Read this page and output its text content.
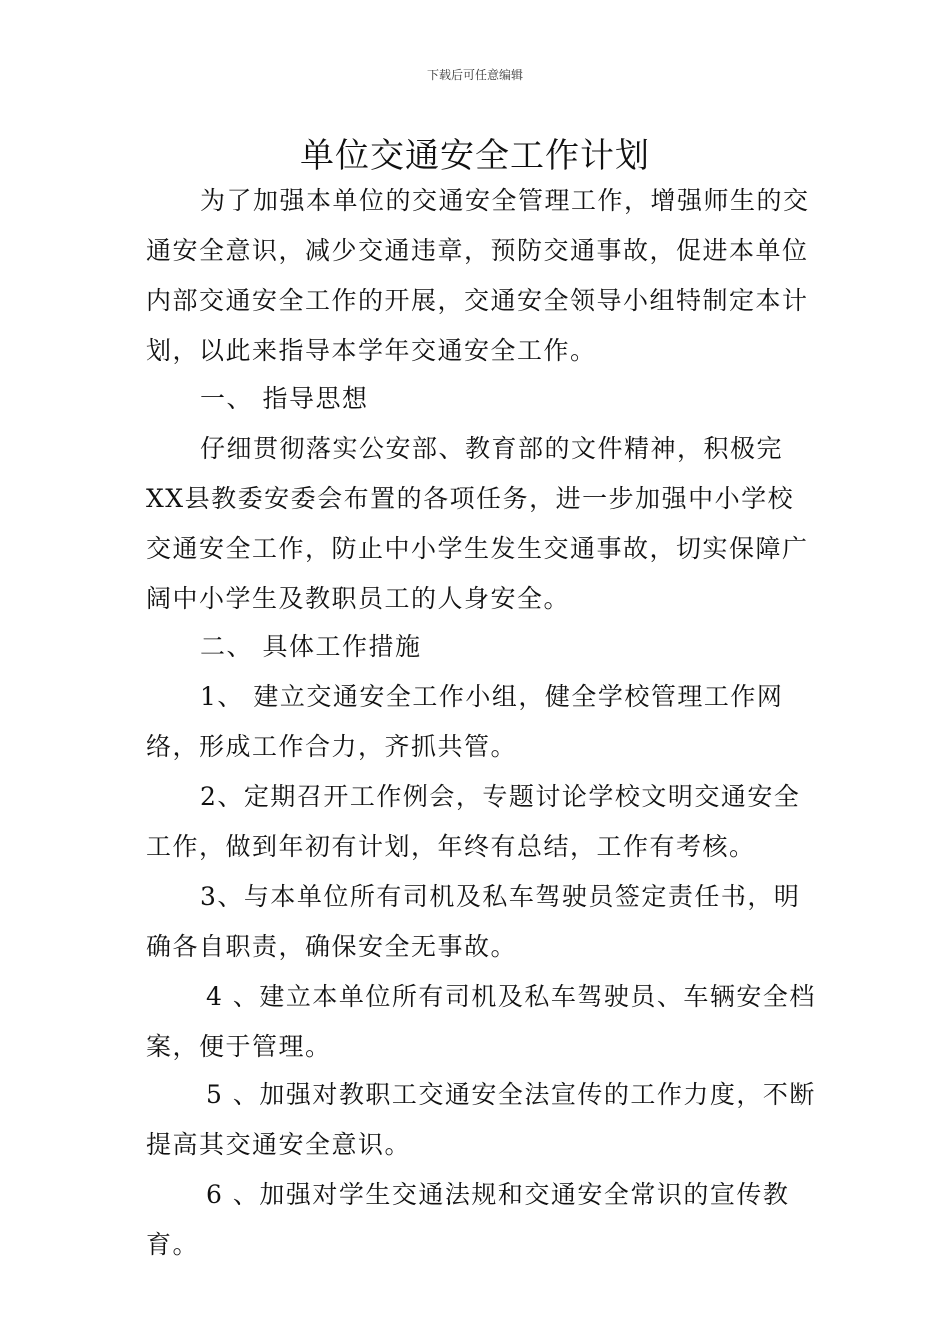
下载后可任意编辑
单位交通安全工作计划

为了加强本单位的交通安全管理工作，增强师生的交通安全意识，减少交通违章，预防交通事故，促进本单位内部交通安全工作的开展，交通安全领导小组特制定本计划，以此来指导本学年交通安全工作。

一、 指导思想

仔细贯彻落实公安部、教育部的文件精神，积极完XX县教委安委会布置的各项任务，进一步加强中小学校交通安全工作，防止中小学生发生交通事故，切实保障广阔中小学生及教职员工的人身安全。

二、 具体工作措施

1、 建立交通安全工作小组，健全学校管理工作网络，形成工作合力，齐抓共管。

2、定期召开工作例会，专题讨论学校文明交通安全工作，做到年初有计划，年终有总结，工作有考核。

3、与本单位所有司机及私车驾驶员签定责任书，明确各自职责，确保安全无事故。

4 、建立本单位所有司机及私车驾驶员、车辆安全档案，便于管理。

5 、加强对教职工交通安全法宣传的工作力度，不断提高其交通安全意识。

6 、加强对学生交通法规和交通安全常识的宣传教育。
